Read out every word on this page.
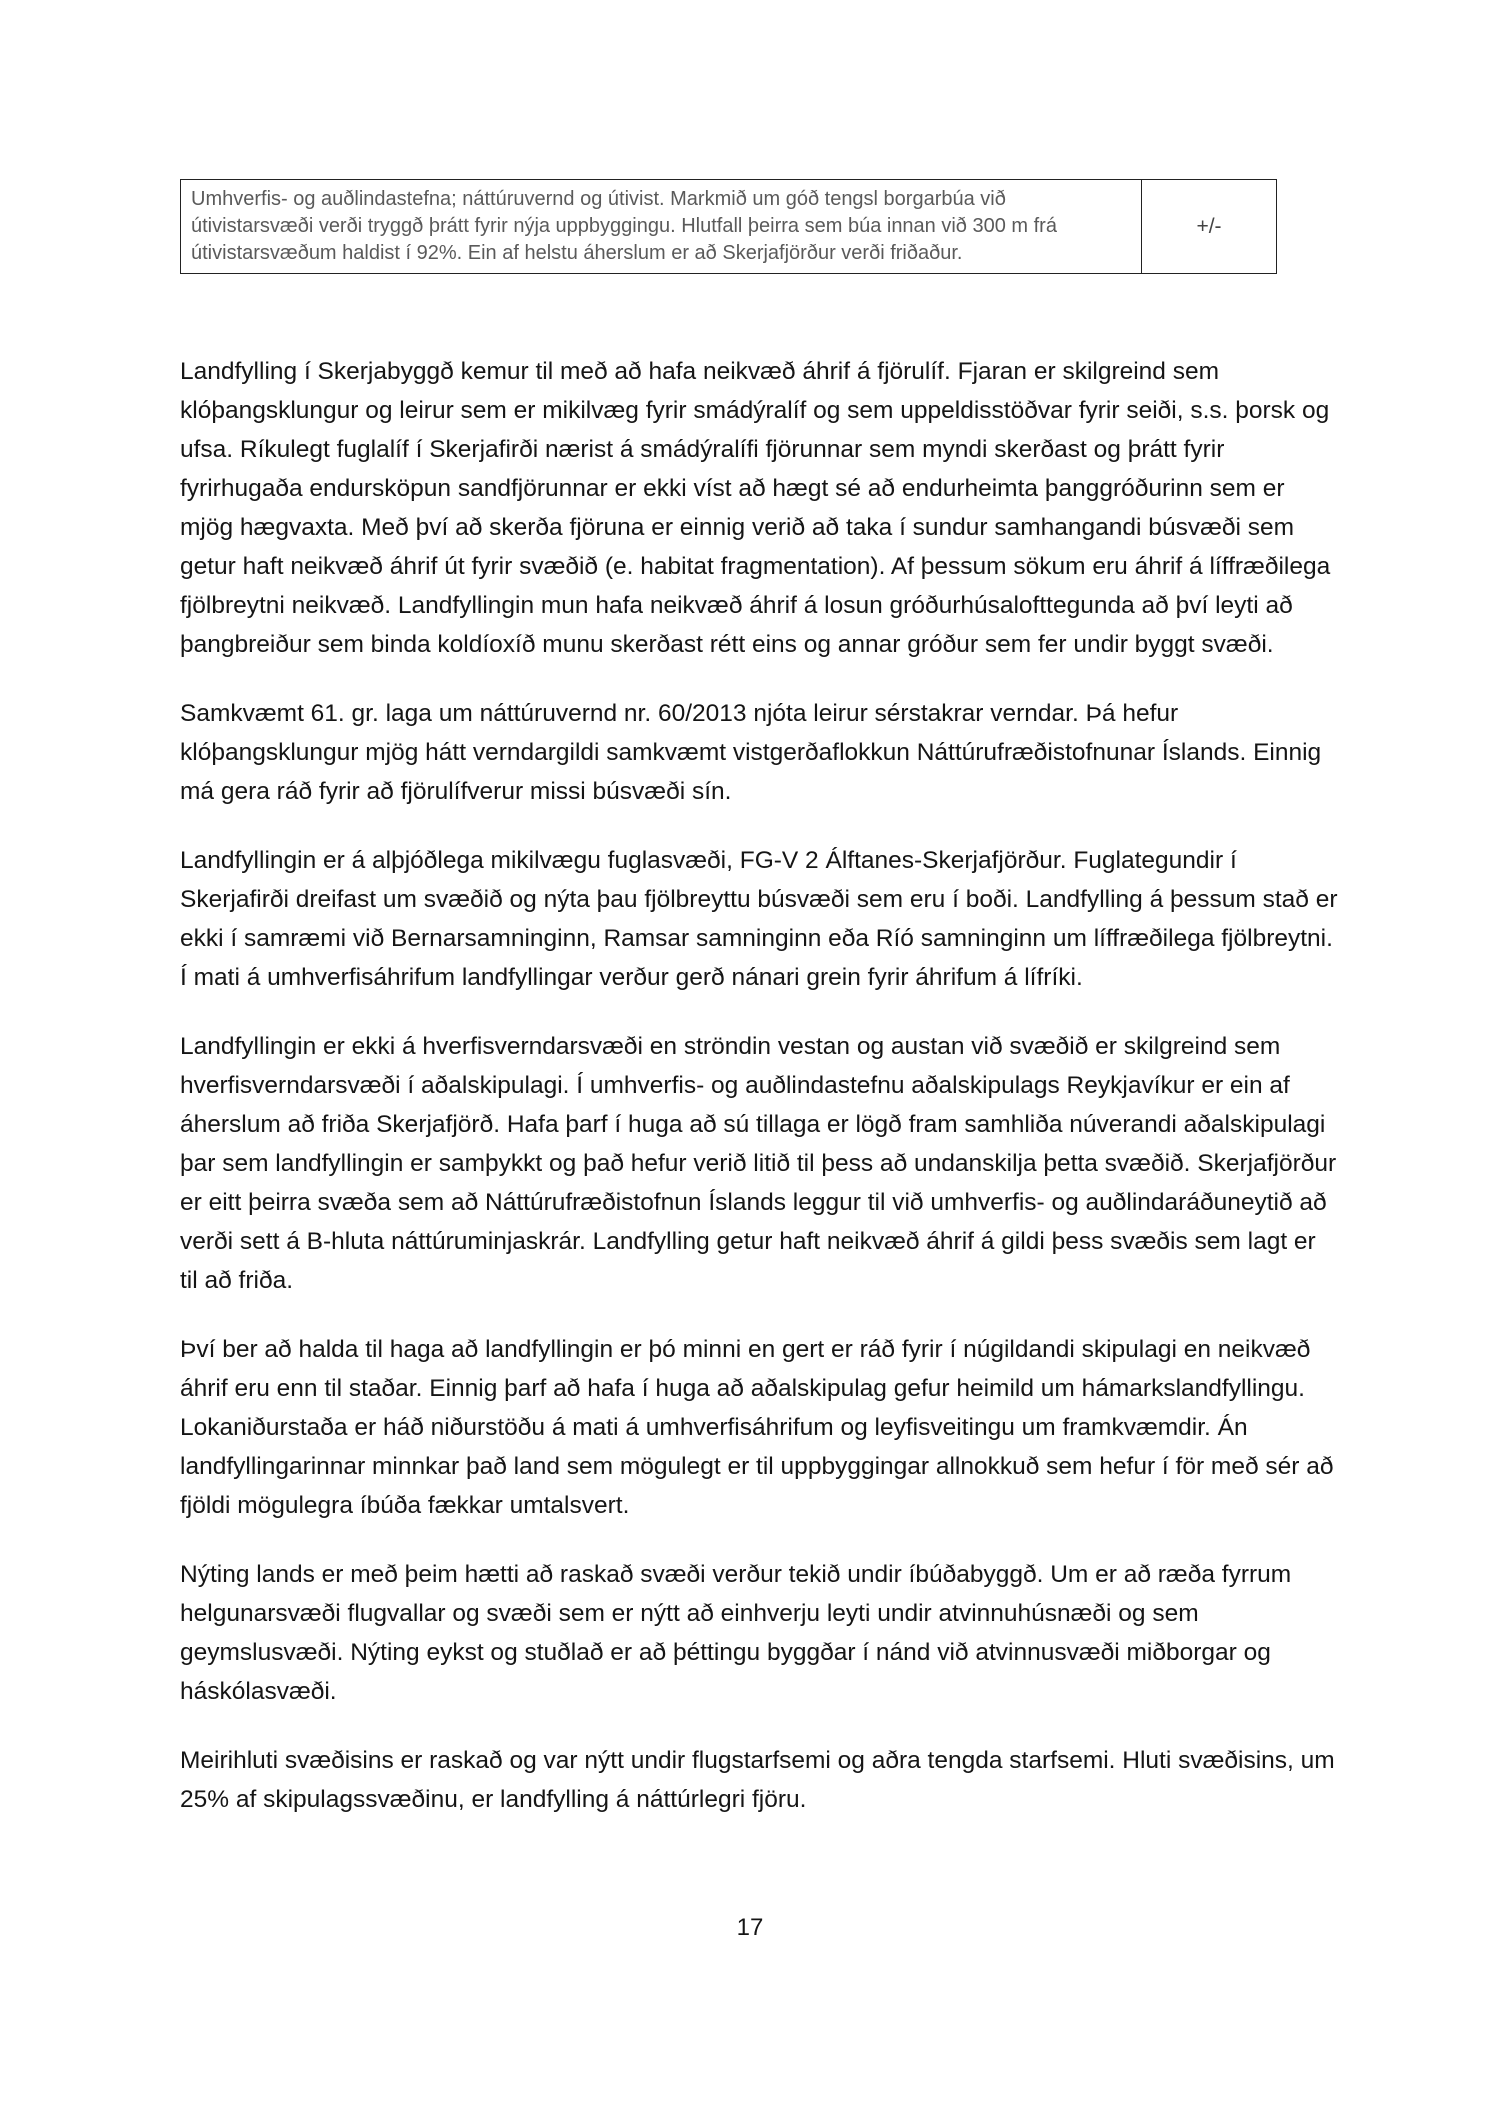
Umhverfis- og auðlindastefna; náttúruvernd og útivist. Markmið um góð tengsl borgarbúa við útivistarsvæði verði tryggð þrátt fyrir nýja uppbyggingu. Hlutfall þeirra sem búa innan við 300 m frá útivistarsvæðum haldist í 92%. Ein af helstu áherslum er að Skerjafjörður verði friðaður.	+/-

Landfylling í Skerjabyggð kemur til með að hafa neikvæð áhrif á fjörulíf. Fjaran er skilgreind sem klóþangsklungur og leirur sem er mikilvæg fyrir smádýralíf og sem uppeldisstöðvar fyrir seiði, s.s. þorsk og ufsa. Ríkulegt fuglalíf í Skerjafirði nærist á smádýralífi fjörunnar sem myndi skerðast og þrátt fyrir fyrirhugaða endursköpun sandfjörunnar er ekki víst að hægt sé að endurheimta þanggróðurinn sem er mjög hægvaxta. Með því að skerða fjöruna er einnig verið að taka í sundur samhangandi búsvæði sem getur haft neikvæð áhrif út fyrir svæðið (e. habitat fragmentation). Af þessum sökum eru áhrif á líffræðilega fjölbreytni neikvæð. Landfyllingin mun hafa neikvæð áhrif á losun gróðurhúsalofttegunda að því leyti að þangbreiður sem binda koldíoxíð munu skerðast rétt eins og annar gróður sem fer undir byggt svæði.

Samkvæmt 61. gr. laga um náttúruvernd nr. 60/2013 njóta leirur sérstakrar verndar. Þá hefur klóþangsklungur mjög hátt verndargildi samkvæmt vistgerðaflokkun Náttúrufræðistofnunar Íslands. Einnig má gera ráð fyrir að fjörulífverur missi búsvæði sín.

Landfyllingin er á alþjóðlega mikilvægu fuglasvæði, FG-V 2 Álftanes-Skerjafjörður. Fuglategundir í Skerjafirði dreifast um svæðið og nýta þau fjölbreyttu búsvæði sem eru í boði. Landfylling á þessum stað er ekki í samræmi við Bernarsamninginn, Ramsar samninginn eða Ríó samninginn um líffræðilega fjölbreytni. Í mati á umhverfisáhrifum landfyllingar verður gerð nánari grein fyrir áhrifum á lífríki.

Landfyllingin er ekki á hverfisverndarsvæði en ströndin vestan og austan við svæðið er skilgreind sem hverfisverndarsvæði í aðalskipulagi. Í umhverfis- og auðlindastefnu aðalskipulags Reykjavíkur er ein af áherslum að friða Skerjafjörð. Hafa þarf í huga að sú tillaga er lögð fram samhliða núverandi aðalskipulagi þar sem landfyllingin er samþykkt og það hefur verið litið til þess að undanskilja þetta svæðið. Skerjafjörður er eitt þeirra svæða sem að Náttúrufræðistofnun Íslands leggur til við umhverfis- og auðlindaráðuneytið að verði sett á B-hluta náttúruminjaskrár. Landfylling getur haft neikvæð áhrif á gildi þess svæðis sem lagt er til að friða.

Því ber að halda til haga að landfyllingin er þó minni en gert er ráð fyrir í núgildandi skipulagi en neikvæð áhrif eru enn til staðar. Einnig þarf að hafa í huga að aðalskipulag gefur heimild um hámarkslandfyllingu. Lokaniðurstaða er háð niðurstöðu á mati á umhverfisáhrifum og leyfisveitingu um framkvæmdir. Án landfyllingarinnar minnkar það land sem mögulegt er til uppbyggingar allnokkuð sem hefur í för með sér að fjöldi mögulegra íbúða fækkar umtalsvert.

Nýting lands er með þeim hætti að raskað svæði verður tekið undir íbúðabyggð. Um er að ræða fyrrum helgunarsvæði flugvallar og svæði sem er nýtt að einhverju leyti undir atvinnuhúsnæði og sem geymslusvæði. Nýting eykst og stuðlað er að þéttingu byggðar í nánd við atvinnusvæði miðborgar og háskólasvæði.

Meirihluti svæðisins er raskað og var nýtt undir flugstarfsemi og aðra tengda starfsemi. Hluti svæðisins, um 25% af skipulagssvæðinu, er landfylling á náttúrlegri fjöru.

17
